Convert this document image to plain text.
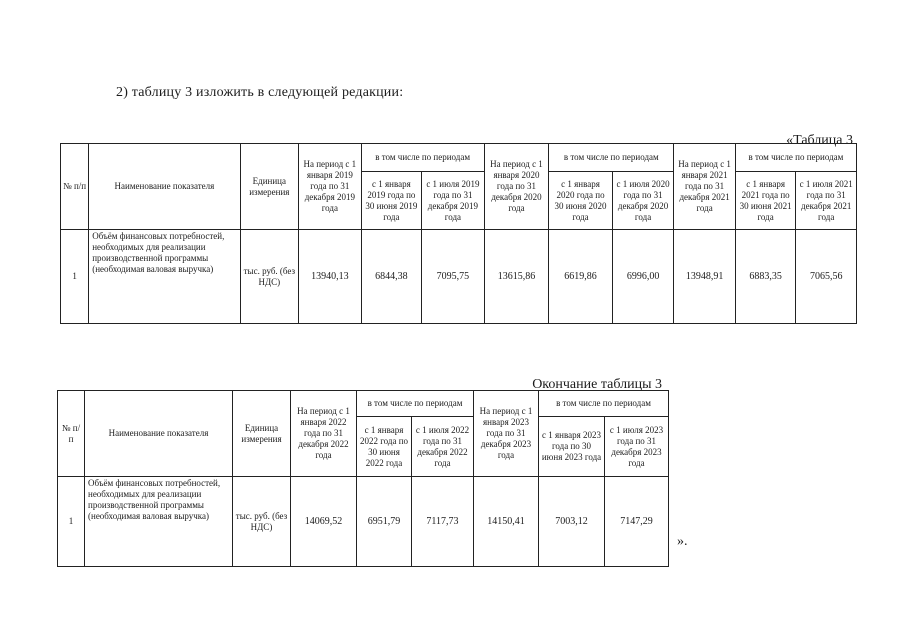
2) таблицу 3 изложить в следующей редакции:
«Таблица 3
№ п/п	Наименование показателя	Единица измерения	На период с 1 января 2019 года по 31 декабря 2019 года	в том числе по периодам		На период с 1 января 2020 года по 31 декабря 2020 года	в том числе по периодам		На период с 1 января 2021 года по 31 декабря 2021 года	в том числе по периодам	
				с 1 января 2019 года по 30 июня 2019 года	с 1 июля 2019 года по 31 декабря 2019 года		с 1 января 2020 года по 30 июня 2020 года	с 1 июля 2020 года по 31 декабря 2020 года		с 1 января 2021 года по 30 июня 2021 года	с 1 июля 2021 года по 31 декабря 2021 года
1	Объём финансовых потребностей, необходимых для реализации производственной программы (необходимая валовая выручка)	тыс. руб. (без НДС)	13940,13	6844,38	7095,75	13615,86	6619,86	6996,00	13948,91	6883,35	7065,56
Окончание таблицы 3
№ п/п	Наименование показателя	Единица измерения	На период с 1 января 2022 года по 31 декабря 2022 года	в том числе по периодам		На период с 1 января 2023 года по 31 декабря 2023 года	в том числе по периодам	
				с 1 января 2022 года по 30 июня 2022 года	с 1 июля 2022 года по 31 декабря 2022 года		с 1 января 2023 года по 30 июня 2023 года	с 1 июля 2023 года по 31 декабря 2023 года
1	Объём финансовых потребностей, необходимых для реализации производственной программы (необходимая валовая выручка)	тыс. руб. (без НДС)	14069,52	6951,79	7117,73	14150,41	7003,12	7147,29
».
